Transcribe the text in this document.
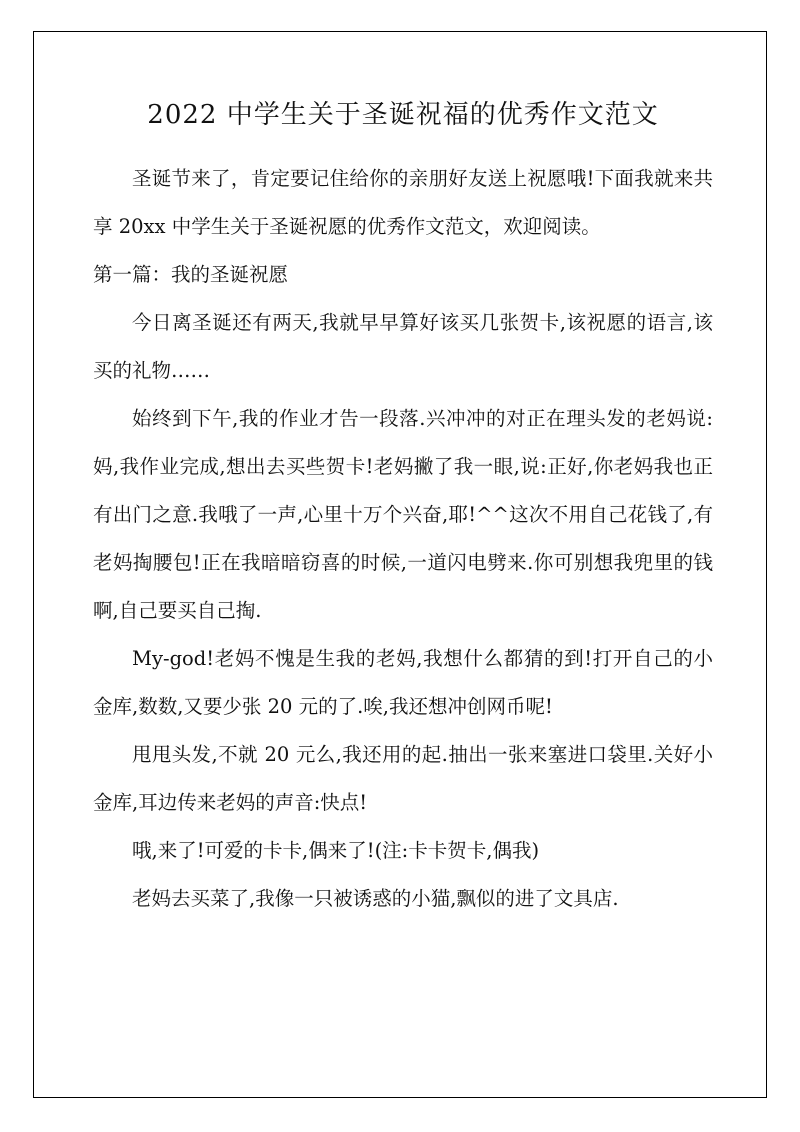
2022 中学生关于圣诞祝福的优秀作文范文

圣诞节来了，肯定要记住给你的亲朋好友送上祝愿哦!下面我就来共享 20xx 中学生关于圣诞祝愿的优秀作文范文，欢迎阅读。

第一篇：我的圣诞祝愿

今日离圣诞还有两天,我就早早算好该买几张贺卡,该祝愿的语言,该买的礼物……

始终到下午,我的作业才告一段落.兴冲冲的对正在理头发的老妈说:妈,我作业完成,想出去买些贺卡!老妈撇了我一眼,说:正好,你老妈我也正有出门之意.我哦了一声,心里十万个兴奋,耶!^^这次不用自己花钱了,有老妈掏腰包!正在我暗暗窃喜的时候,一道闪电劈来.你可别想我兜里的钱啊,自己要买自己掏.

My-god!老妈不愧是生我的老妈,我想什么都猜的到!打开自己的小金库,数数,又要少张 20 元的了.唉,我还想冲创网币呢!

甩甩头发,不就 20 元么,我还用的起.抽出一张来塞进口袋里.关好小金库,耳边传来老妈的声音:快点!

哦,来了!可爱的卡卡,偶来了!(注:卡卡贺卡,偶我)

老妈去买菜了,我像一只被诱惑的小猫,飘似的进了文具店.
